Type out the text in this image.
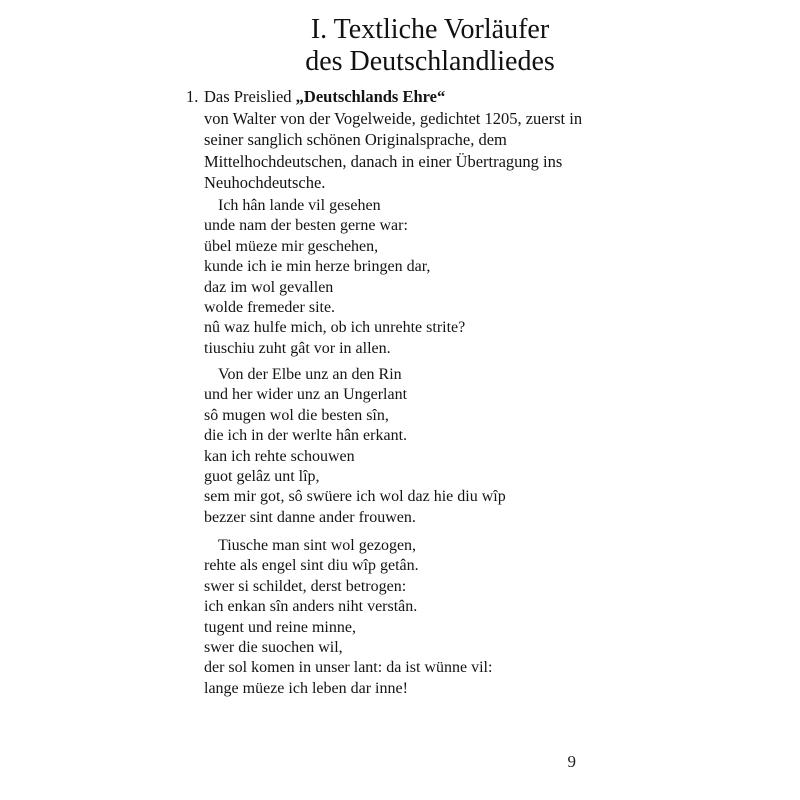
I. Textliche Vorläufer
des Deutschlandliedes
1. Das Preislied „Deutschlands Ehre“
von Walter von der Vogelweide, gedichtet 1205, zuerst in seiner sanglich schönen Originalsprache, dem Mittelhochdeutschen, danach in einer Übertragung ins Neuhochdeutsche.
Ich hân lande vil gesehen
unde nam der besten gerne war:
übel müeze mir geschehen,
kunde ich ie min herze bringen dar,
daz im wol gevallen
wolde fremeder site.
nû waz hulfe mich, ob ich unrehte strite?
tiuschiu zuht gât vor in allen.
Von der Elbe unz an den Rin
und her wider unz an Ungerlant
sô mugen wol die besten sîn,
die ich in der werlte hân erkant.
kan ich rehte schouwen
guot gelâz unt lîp,
sem mir got, sô swüere ich wol daz hie diu wîp
bezzer sint danne ander frouwen.
Tiusche man sint wol gezogen,
rehte als engel sint diu wîp getân.
swer si schildet, derst betrogen:
ich enkan sîn anders niht verstân.
tugent und reine minne,
swer die suochen wil,
der sol komen in unser lant: da ist wünne vil:
lange müeze ich leben dar inne!
9
